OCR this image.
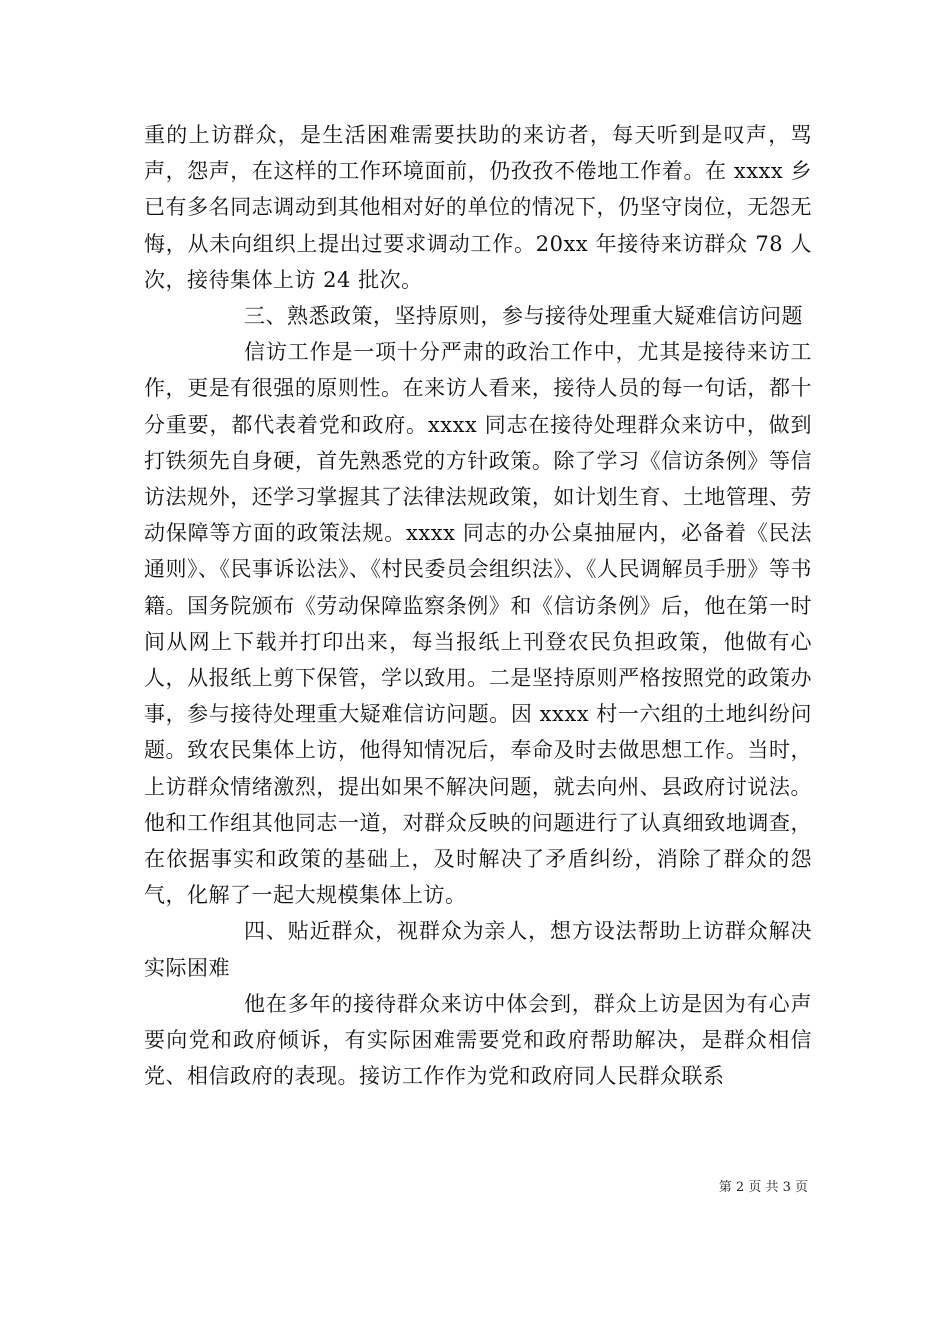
重的上访群众，是生活困难需要扶助的来访者，每天听到是叹声，骂声，怨声，在这样的工作环境面前，仍孜孜不倦地工作着。在 xxxx 乡已有多名同志调动到其他相对好的单位的情况下，仍坚守岗位，无怨无悔，从未向组织上提出过要求调动工作。20xx 年接待来访群众 78 人次，接待集体上访 24 批次。

三、熟悉政策，坚持原则，参与接待处理重大疑难信访问题

信访工作是一项十分严肃的政治工作中，尤其是接待来访工作，更是有很强的原则性。在来访人看来，接待人员的每一句话，都十分重要，都代表着党和政府。xxxx 同志在接待处理群众来访中，做到打铁须先自身硬，首先熟悉党的方针政策。除了学习《信访条例》等信访法规外，还学习掌握其了法律法规政策，如计划生育、土地管理、劳动保障等方面的政策法规。xxxx 同志的办公桌抽屉内，必备着《民法通则》、《民事诉讼法》、《村民委员会组织法》、《人民调解员手册》等书籍。国务院颁布《劳动保障监察条例》和《信访条例》后，他在第一时间从网上下载并打印出来，每当报纸上刊登农民负担政策，他做有心人，从报纸上剪下保管，学以致用。二是坚持原则严格按照党的政策办事，参与接待处理重大疑难信访问题。因 xxxx 村一六组的土地纠纷问题。致农民集体上访，他得知情况后，奉命及时去做思想工作。当时，上访群众情绪激烈，提出如果不解决问题，就去向州、县政府讨说法。他和工作组其他同志一道，对群众反映的问题进行了认真细致地调查，在依据事实和政策的基础上，及时解决了矛盾纠纷，消除了群众的怨气，化解了一起大规模集体上访。

四、贴近群众，视群众为亲人，想方设法帮助上访群众解决实际困难

他在多年的接待群众来访中体会到，群众上访是因为有心声要向党和政府倾诉，有实际困难需要党和政府帮助解决，是群众相信党、相信政府的表现。接访工作作为党和政府同人民群众联系

第 2 页 共 3 页
